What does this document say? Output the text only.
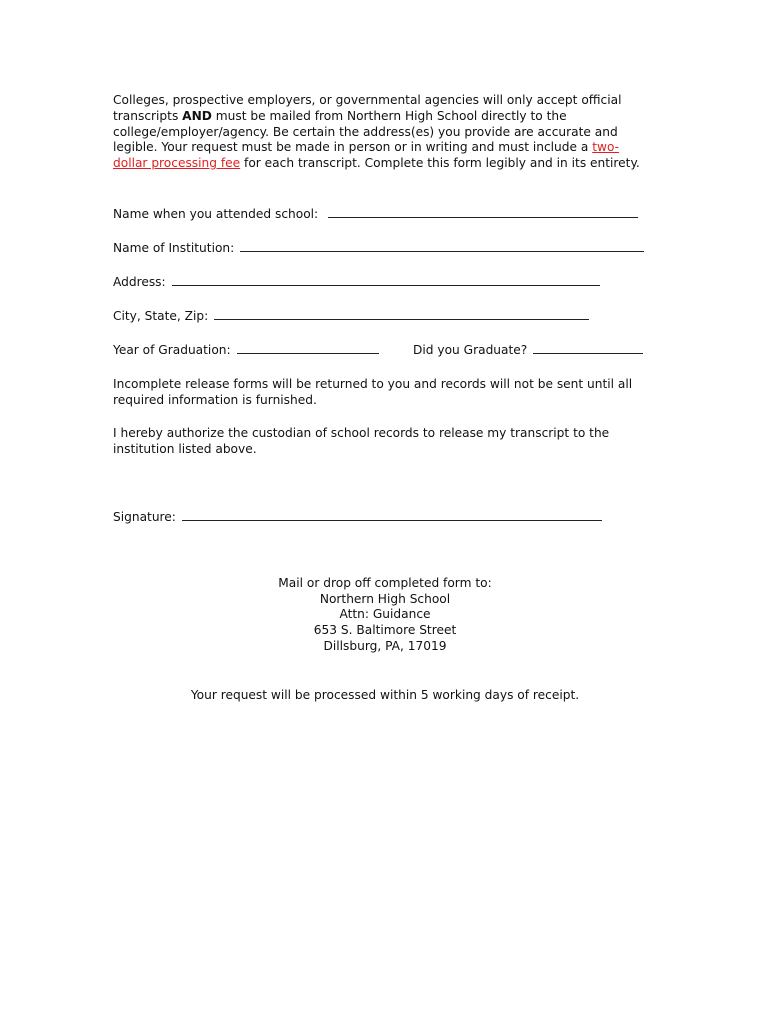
Colleges, prospective employers, or governmental agencies will only accept official transcripts AND must be mailed from Northern High School directly to the college/employer/agency. Be certain the address(es) you provide are accurate and legible. Your request must be made in person or in writing and must include a two-dollar processing fee for each transcript. Complete this form legibly and in its entirety.

Name when you attended school:
Name of Institution:
Address:
City, State, Zip:
Year of Graduation:	Did you Graduate?

Incomplete release forms will be returned to you and records will not be sent until all required information is furnished.

I hereby authorize the custodian of school records to release my transcript to the institution listed above.

Signature:
Mail or drop off completed form to:
Northern High School
Attn: Guidance
653 S. Baltimore Street
Dillsburg, PA, 17019
Your request will be processed within 5 working days of receipt.
